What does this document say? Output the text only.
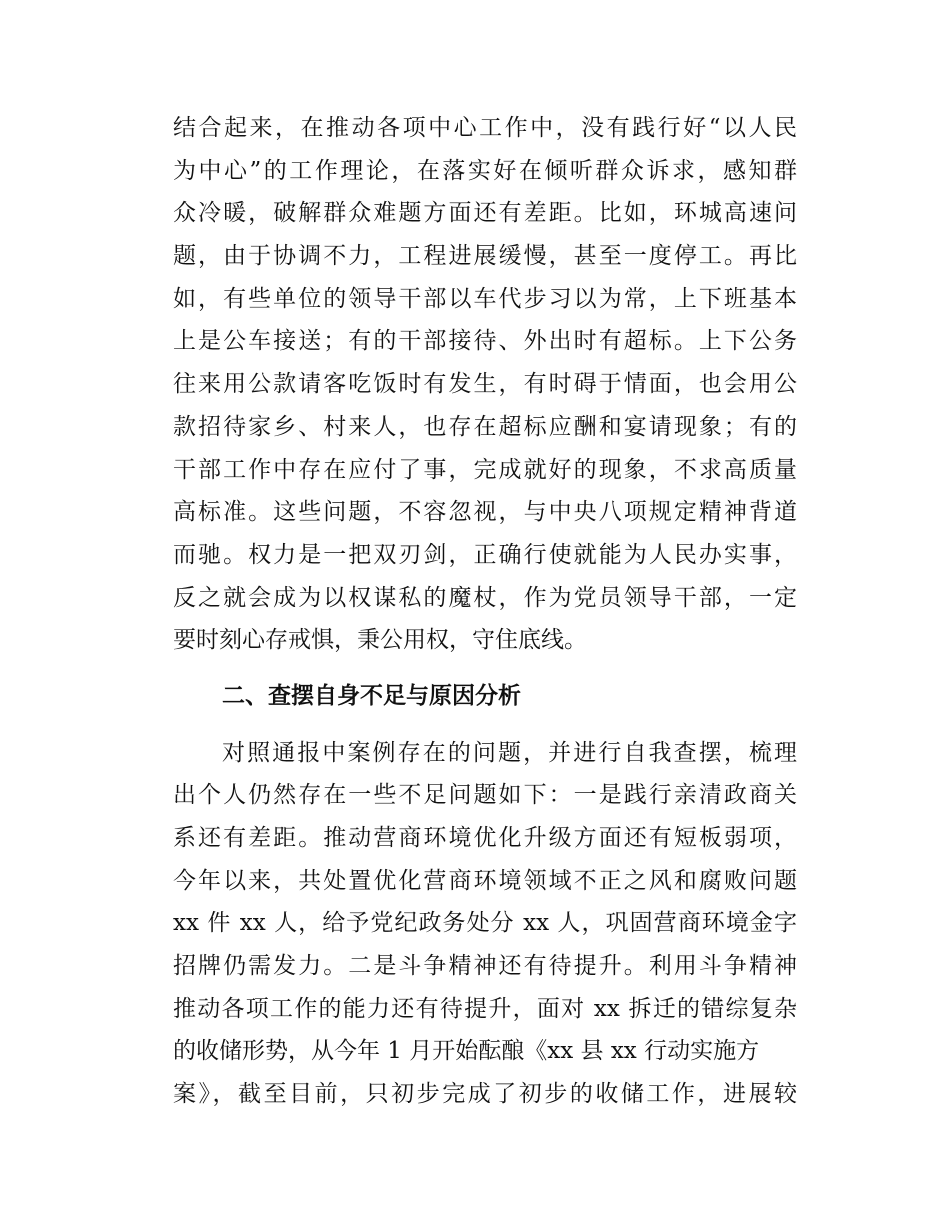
结合起来，在推动各项中心工作中，没有践行好“以人民
为中心”的工作理论，在落实好在倾听群众诉求，感知群
众冷暖，破解群众难题方面还有差距。比如，环城高速问
题，由于协调不力，工程进展缓慢，甚至一度停工。再比
如，有些单位的领导干部以车代步习以为常，上下班基本
上是公车接送；有的干部接待、外出时有超标。上下公务
往来用公款请客吃饭时有发生，有时碍于情面，也会用公
款招待家乡、村来人，也存在超标应酬和宴请现象；有的
干部工作中存在应付了事，完成就好的现象，不求高质量
高标准。这些问题，不容忽视，与中央八项规定精神背道
而驰。权力是一把双刃剑，正确行使就能为人民办实事，
反之就会成为以权谋私的魔杖，作为党员领导干部，一定
要时刻心存戒惧，秉公用权，守住底线。
二、查摆自身不足与原因分析
对照通报中案例存在的问题，并进行自我查摆，梳理
出个人仍然存在一些不足问题如下：一是践行亲清政商关
系还有差距。推动营商环境优化升级方面还有短板弱项，
今年以来，共处置优化营商环境领域不正之风和腐败问题
xx 件 xx 人，给予党纪政务处分 xx 人，巩固营商环境金字
招牌仍需发力。二是斗争精神还有待提升。利用斗争精神
推动各项工作的能力还有待提升，面对 xx 拆迁的错综复杂
的收储形势，从今年 1 月开始酝酿《xx 县 xx 行动实施方
案》，截至目前，只初步完成了初步的收储工作，进展较
